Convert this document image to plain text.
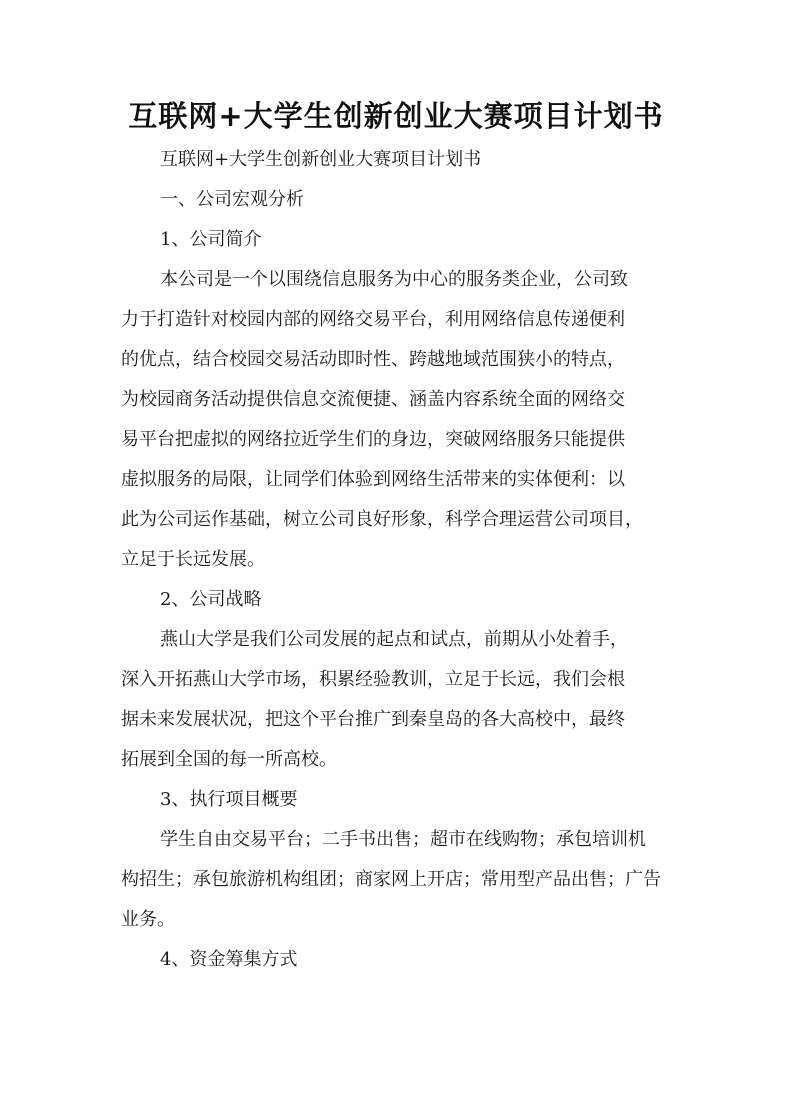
互联网+大学生创新创业大赛项目计划书
互联网+大学生创新创业大赛项目计划书
一、公司宏观分析
1、公司简介
本公司是一个以围绕信息服务为中心的服务类企业，公司致
力于打造针对校园内部的网络交易平台，利用网络信息传递便利
的优点，结合校园交易活动即时性、跨越地域范围狭小的特点，
为校园商务活动提供信息交流便捷、涵盖内容系统全面的网络交
易平台把虚拟的网络拉近学生们的身边，突破网络服务只能提供
虚拟服务的局限，让同学们体验到网络生活带来的实体便利：以
此为公司运作基础，树立公司良好形象，科学合理运营公司项目，
立足于长远发展。
2、公司战略
燕山大学是我们公司发展的起点和试点，前期从小处着手，
深入开拓燕山大学市场，积累经验教训，立足于长远，我们会根
据未来发展状况，把这个平台推广到秦皇岛的各大高校中，最终
拓展到全国的每一所高校。
3、执行项目概要
学生自由交易平台；二手书出售；超市在线购物；承包培训机
构招生；承包旅游机构组团；商家网上开店；常用型产品出售；广告
业务。
4、资金筹集方式
